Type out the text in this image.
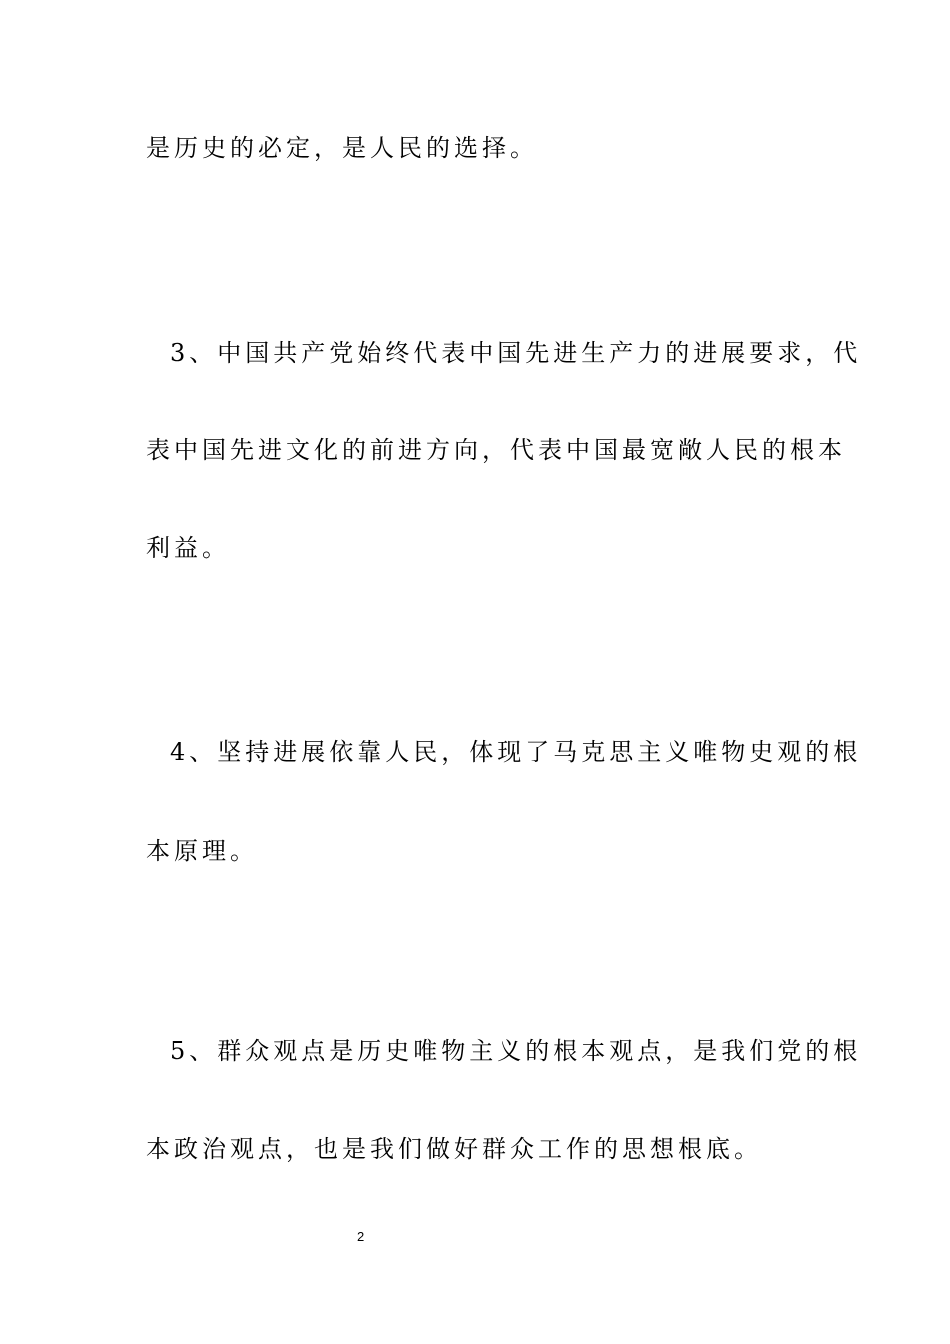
是历史的必定，是人民的选择。
3、中国共产党始终代表中国先进生产力的进展要求，代
表中国先进文化的前进方向，代表中国最宽敞人民的根本
利益。
4、坚持进展依靠人民，体现了马克思主义唯物史观的根
本原理。
5、群众观点是历史唯物主义的根本观点，是我们党的根
本政治观点，也是我们做好群众工作的思想根底。
2
